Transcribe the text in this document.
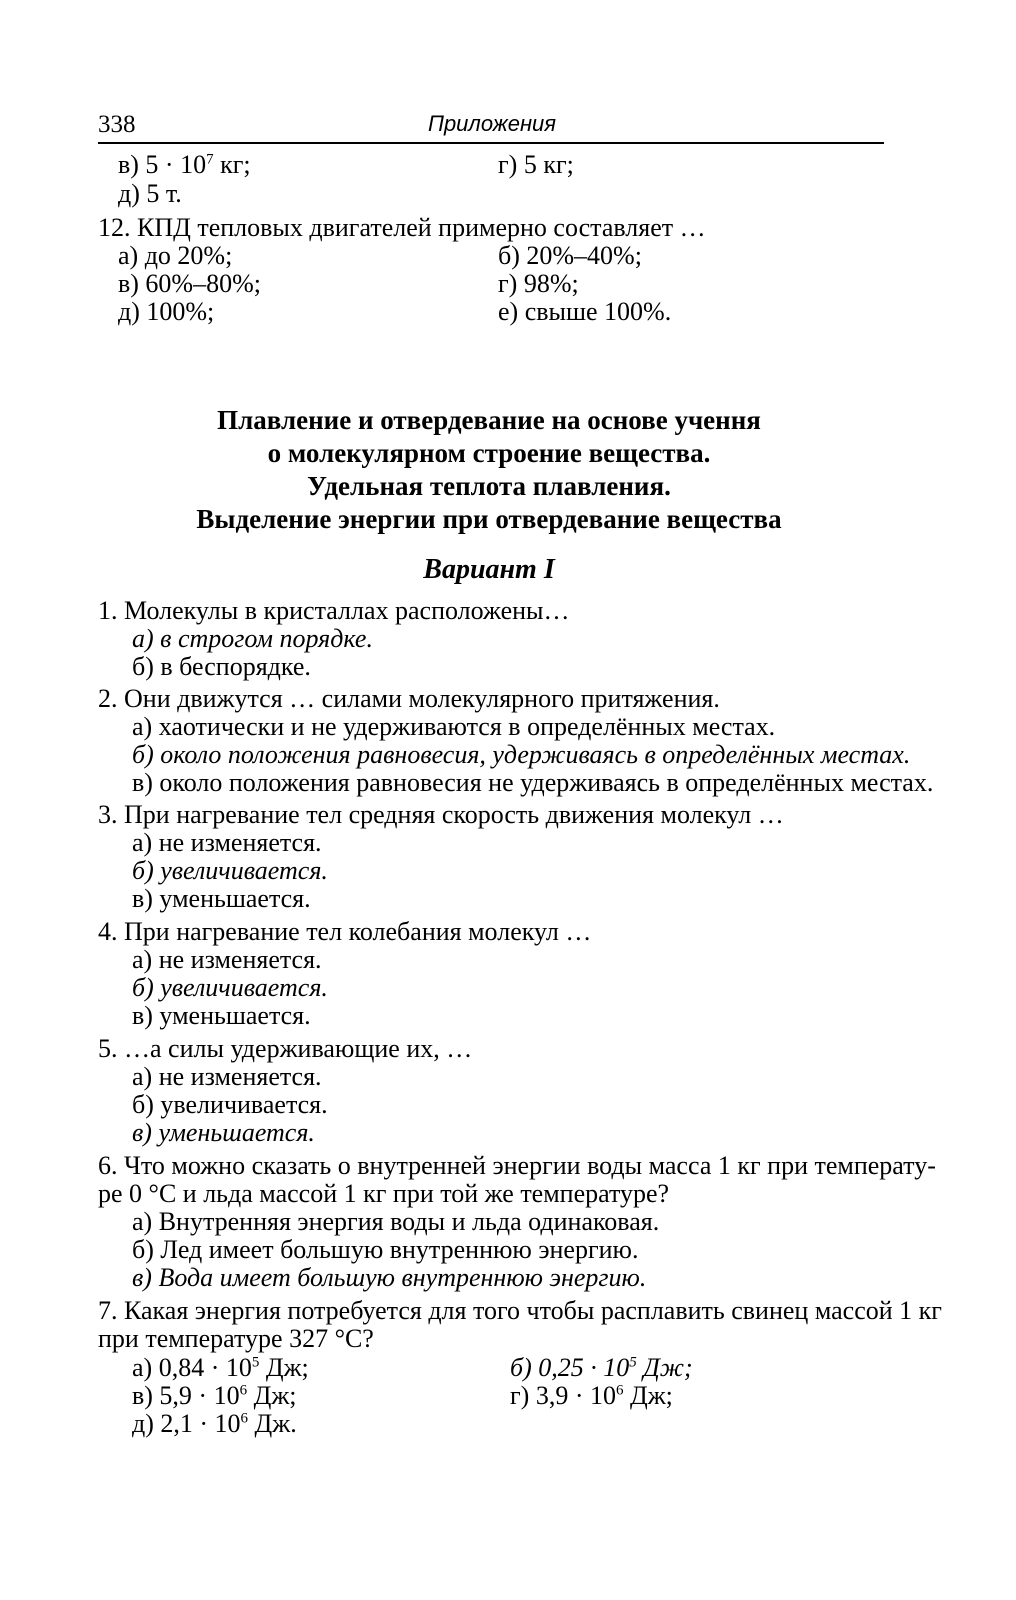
338	Приложения
в) $5 \cdot 10^7$ кг;	г) 5 кг;
д) 5 т.
12. КПД тепловых двигателей примерно составляет …
а) до 20%;	б) 20%–40%;
в) 60%–80%;	г) 98%;
д) 100%;	е) свыше 100%.
Плавление и отвердевание на основе учення
о молекулярном строение вещества.
Удельная теплота плавления.
Выделение энергии при отвердевание вещества
Вариант I
1. Молекулы в кристаллах расположены…
а) в строгом порядке.
б) в беспорядке.
2. Они движутся … силами молекулярного притяжения.
а) хаотически и не удерживаются в определённых местах.
б) около положения равновесия, удерживаясь в определённых местах.
в) около положения равновесия не удерживаясь в определённых местах.
3. При нагревание тел средняя скорость движения молекул …
а) не изменяется.
б) увеличивается.
в) уменьшается.
4. При нагревание тел колебания молекул …
а) не изменяется.
б) увеличивается.
в) уменьшается.
5. …а силы удерживающие их, …
а) не изменяется.
б) увеличивается.
в) уменьшается.
6. Что можно сказать о внутренней энергии воды масса 1 кг при температу-
ре 0 °С и льда массой 1 кг при той же температуре?
а) Внутренняя энергия воды и льда одинаковая.
б) Лед имеет большую внутреннюю энергию.
в) Вода имеет большую внутреннюю энергию.
7. Какая энергия потребуется для того чтобы расплавить свинец массой 1 кг
при температуре 327 °С?
а) $0,84 \cdot 10^5$ Дж;	б) $0,25 \cdot 10^5$ Дж;
в) $5,9 \cdot 10^6$ Дж;	г) $3,9 \cdot 10^6$ Дж;
д) $2,1 \cdot 10^6$ Дж.
